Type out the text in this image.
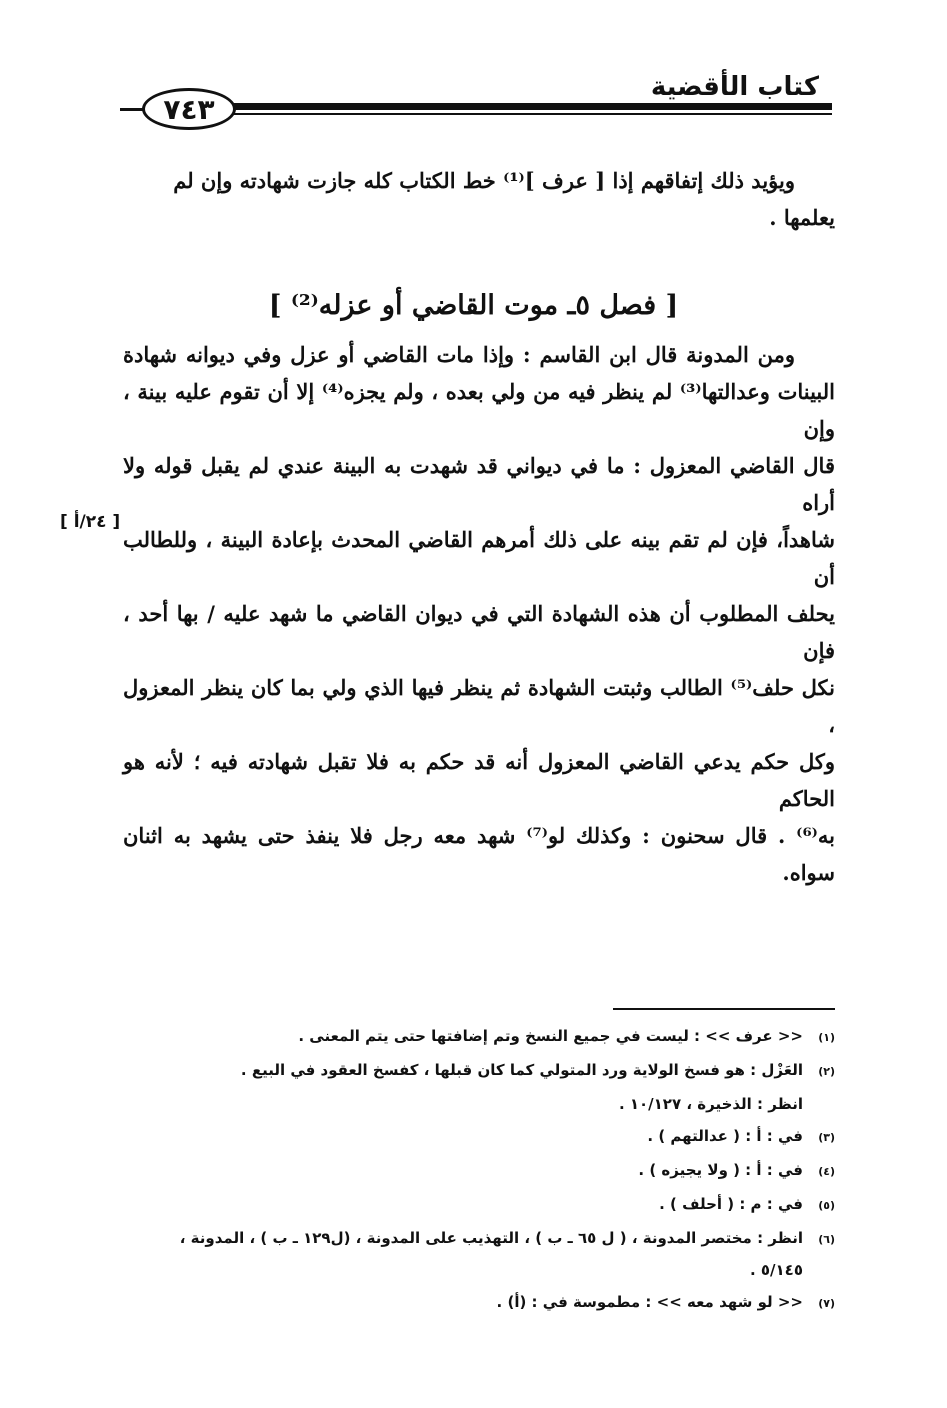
كتاب الأقضية
٧٤٣
ويؤيد ذلك إتفاقهم إذا [ عرف ]⁽¹⁾ خط الكتاب كله جازت شهادته وإن لم
يعلمها .
[ فصل ٥ـ موت القاضي أو عزله⁽²⁾ ]
ومن المدونة قال ابن القاسم : وإذا مات القاضي أو عزل وفي ديوانه شهادة
البينات وعدالتها⁽³⁾ لم ينظر فيه من ولي بعده ، ولم يجزه⁽⁴⁾ إلا أن تقوم عليه بينة ، وإن
قال القاضي المعزول : ما في ديواني قد شهدت به البينة عندي لم يقبل قوله ولا أراه
شاهداً، فإن لم تقم بينه على ذلك أمرهم القاضي المحدث بإعادة البينة ، وللطالب أن
يحلف المطلوب أن هذه الشهادة التي في ديوان القاضي ما شهد عليه / بها أحد ، فإن
نكل حلف⁽⁵⁾ الطالب وثبتت الشهادة ثم ينظر فيها الذي ولي بما كان ينظر المعزول ،
وكل حكم يدعي القاضي المعزول أنه قد حكم به فلا تقبل شهادته فيه ؛ لأنه هو الحاكم
به⁽⁶⁾ . قال سحنون : وكذلك لو⁽⁷⁾ شهد معه رجل فلا ينفذ حتى يشهد به اثنان سواه.
[ ٢٤/أ ]
(١)
<< عرف >> : ليست في جميع النسخ وتم إضافتها حتى يتم المعنى .
(٢)
العَزْل : هو فسخ الولاية ورد المتولي كما كان قبلها ، كفسخ العقود في البيع .
انظر : الذخيرة ، ١٠/١٢٧ .
(٣)
في : أ : ( عدالتهم ) .
(٤)
في : أ : ( ولا يجيزه ) .
(٥)
في : م : ( أحلف ) .
(٦)
انظر : مختصر المدونة ، ( ل ٦٥ ـ ب ) ، التهذيب على المدونة ، (ل١٢٩ ـ ب ) ، المدونة ، ٥/١٤٥ .
(٧)
<< لو شهد معه >> : مطموسة في : (أ) .
